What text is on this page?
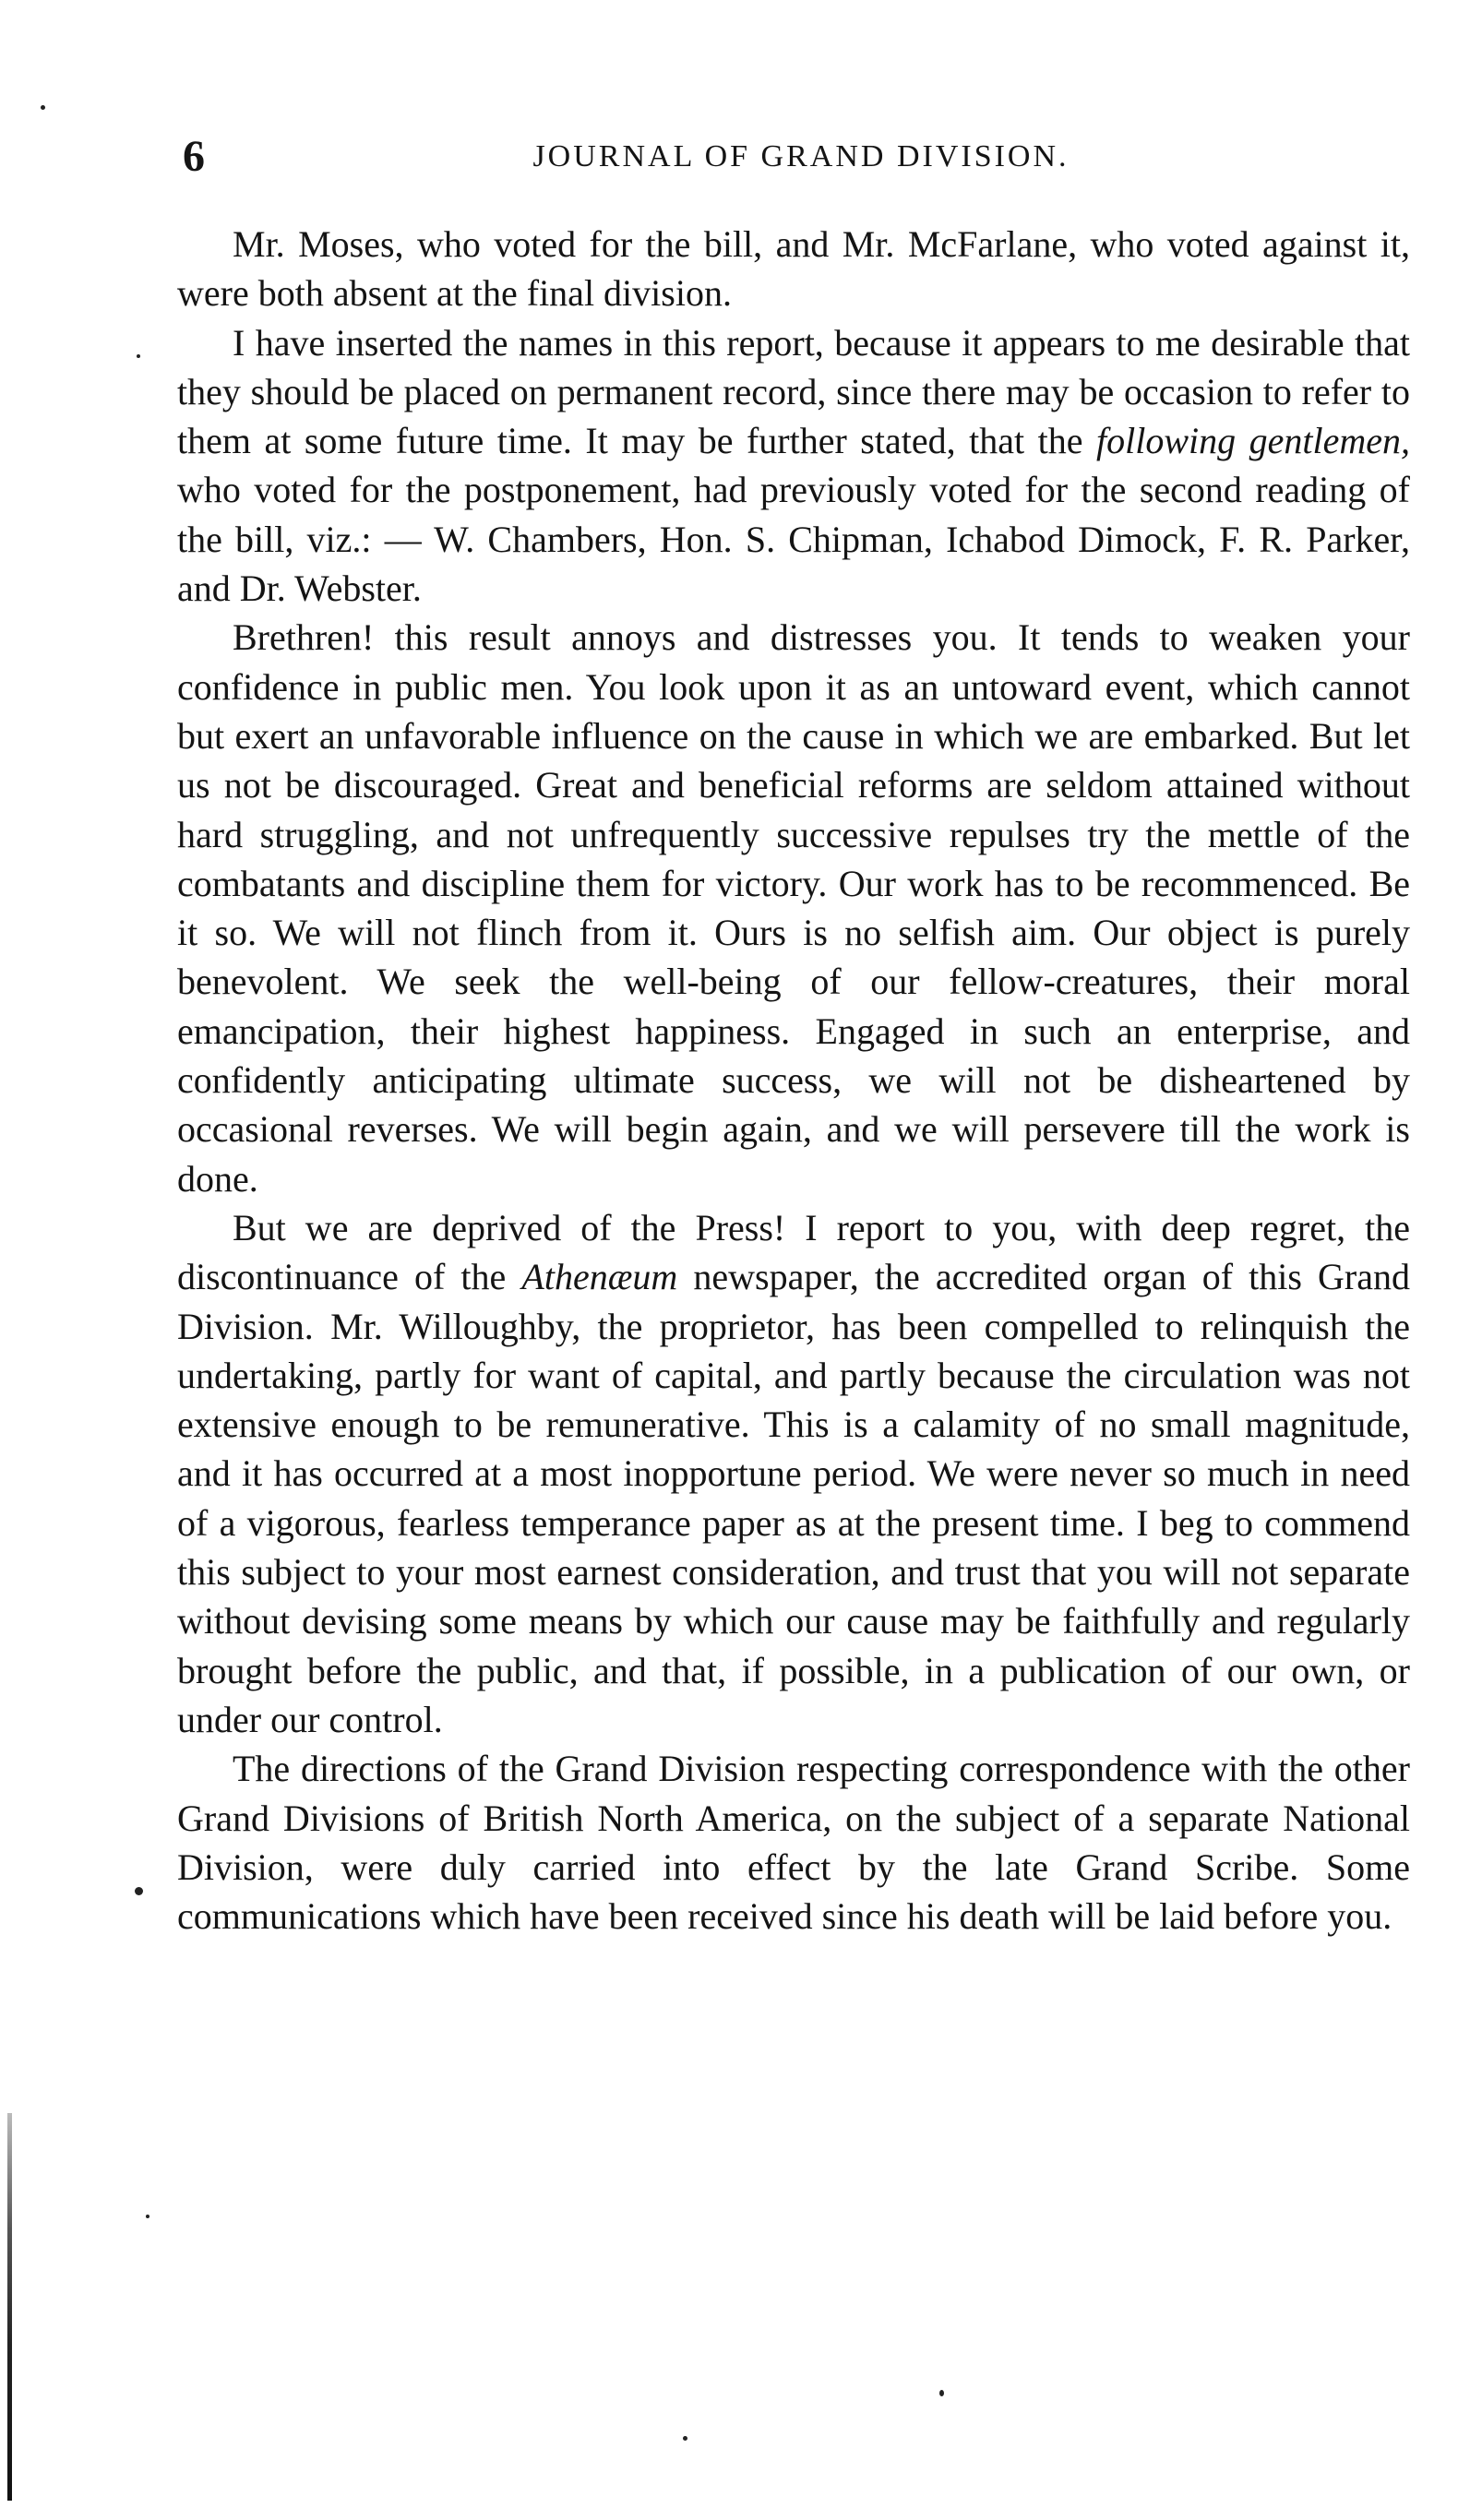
6	JOURNAL OF GRAND DIVISION.

Mr. Moses, who voted for the bill, and Mr. McFarlane, who voted against it, were both absent at the final division.

I have inserted the names in this report, because it appears to me desirable that they should be placed on permanent record, since there may be occasion to refer to them at some future time. It may be further stated, that the following gentlemen, who voted for the postponement, had previously voted for the second reading of the bill, viz.: — W. Chambers, Hon. S. Chipman, Ichabod Dimock, F. R. Parker, and Dr. Webster.

Brethren! this result annoys and distresses you. It tends to weaken your confidence in public men. You look upon it as an untoward event, which cannot but exert an unfavorable influence on the cause in which we are embarked. But let us not be discouraged. Great and beneficial reforms are seldom attained without hard struggling, and not unfrequently successive repulses try the mettle of the combatants and discipline them for victory. Our work has to be recommenced. Be it so. We will not flinch from it. Ours is no selfish aim. Our object is purely benevolent. We seek the well-being of our fellow-creatures, their moral emancipation, their highest happiness. Engaged in such an enterprise, and confidently anticipating ultimate success, we will not be disheartened by occasional reverses. We will begin again, and we will persevere till the work is done.

But we are deprived of the Press! I report to you, with deep regret, the discontinuance of the Athenæum newspaper, the accredited organ of this Grand Division. Mr. Willoughby, the proprietor, has been compelled to relinquish the undertaking, partly for want of capital, and partly because the circulation was not extensive enough to be remunerative. This is a calamity of no small magnitude, and it has occurred at a most inopportune period. We were never so much in need of a vigorous, fearless temperance paper as at the present time. I beg to commend this subject to your most earnest consideration, and trust that you will not separate without devising some means by which our cause may be faithfully and regularly brought before the public, and that, if possible, in a publication of our own, or under our control.

The directions of the Grand Division respecting correspondence with the other Grand Divisions of British North America, on the subject of a separate National Division, were duly carried into effect by the late Grand Scribe. Some communications which have been received since his death will be laid before you.
